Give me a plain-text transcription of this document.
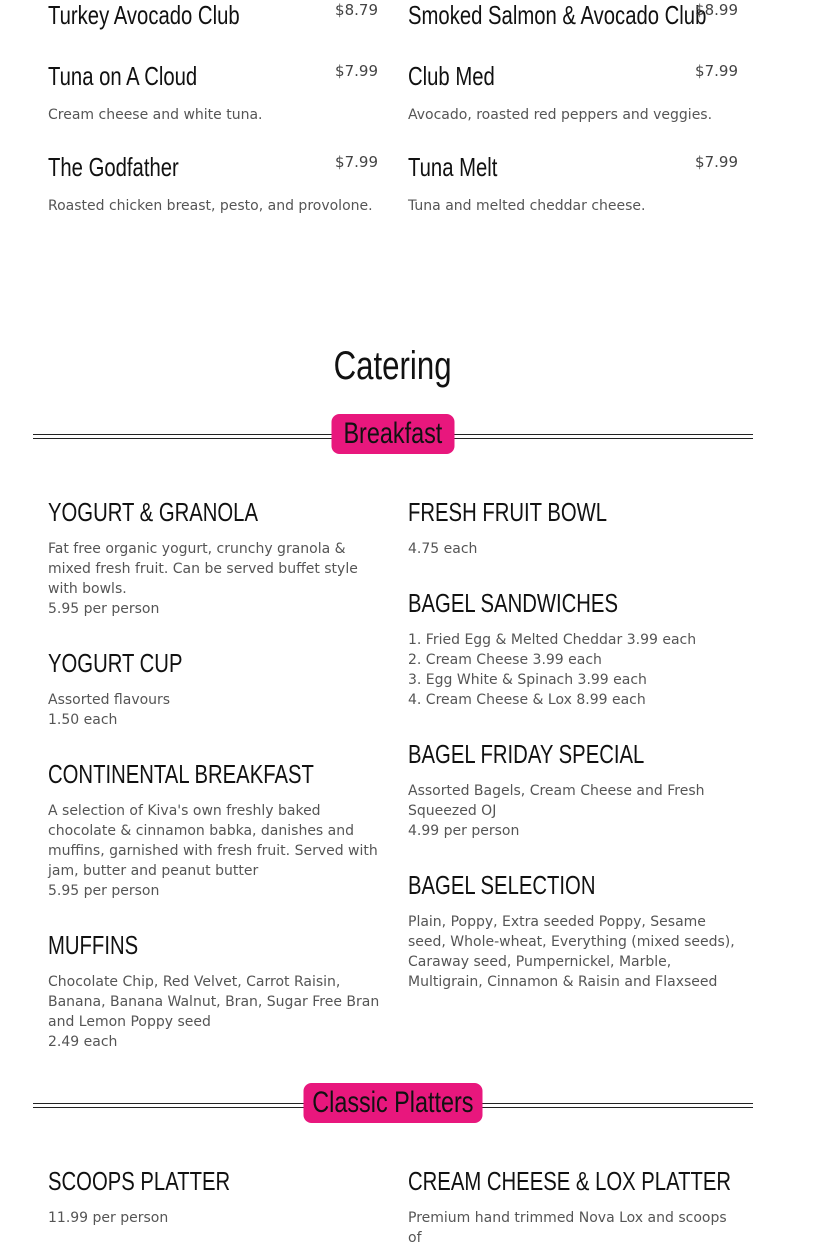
Turkey Avocado Club	$8.79 Smoked Salmon & Avocado Club
$8.99
Tuna on A Cloud	$7.99
Cream cheese and white tuna.
Club Med	$7.99
Avocado, roasted red peppers and veggies.
The Godfather	$7.99
Roasted chicken breast, pesto, and provolone.
Tuna Melt	$7.99
Tuna and melted cheddar cheese.
Catering
Breakfast
YOGURT & GRANOLA
Fat free organic yogurt, crunchy granola & mixed fresh fruit. Can be served buffet style with bowls.
5.95 per person
YOGURT CUP
Assorted flavours
1.50 each
CONTINENTAL BREAKFAST
A selection of Kiva's own freshly baked chocolate & cinnamon babka, danishes and muffins, garnished with fresh fruit. Served with jam, butter and peanut butter
5.95 per person
MUFFINS
Chocolate Chip, Red Velvet, Carrot Raisin, Banana, Banana Walnut, Bran, Sugar Free Bran and Lemon Poppy seed
2.49 each
FRESH FRUIT BOWL
4.75 each
BAGEL SANDWICHES
1. Fried Egg & Melted Cheddar 3.99 each
2. Cream Cheese 3.99 each
3. Egg White & Spinach 3.99 each
4. Cream Cheese & Lox 8.99 each
BAGEL FRIDAY SPECIAL
Assorted Bagels, Cream Cheese and Fresh Squeezed OJ
4.99 per person
BAGEL SELECTION
Plain, Poppy, Extra seeded Poppy, Sesame seed, Whole-wheat, Everything (mixed seeds), Caraway seed, Pumpernickel, Marble, Multigrain, Cinnamon & Raisin and Flaxseed
Classic Platters
SCOOPS PLATTER
11.99 per person
CREAM CHEESE & LOX PLATTER
Premium hand trimmed Nova Lox and scoops of
